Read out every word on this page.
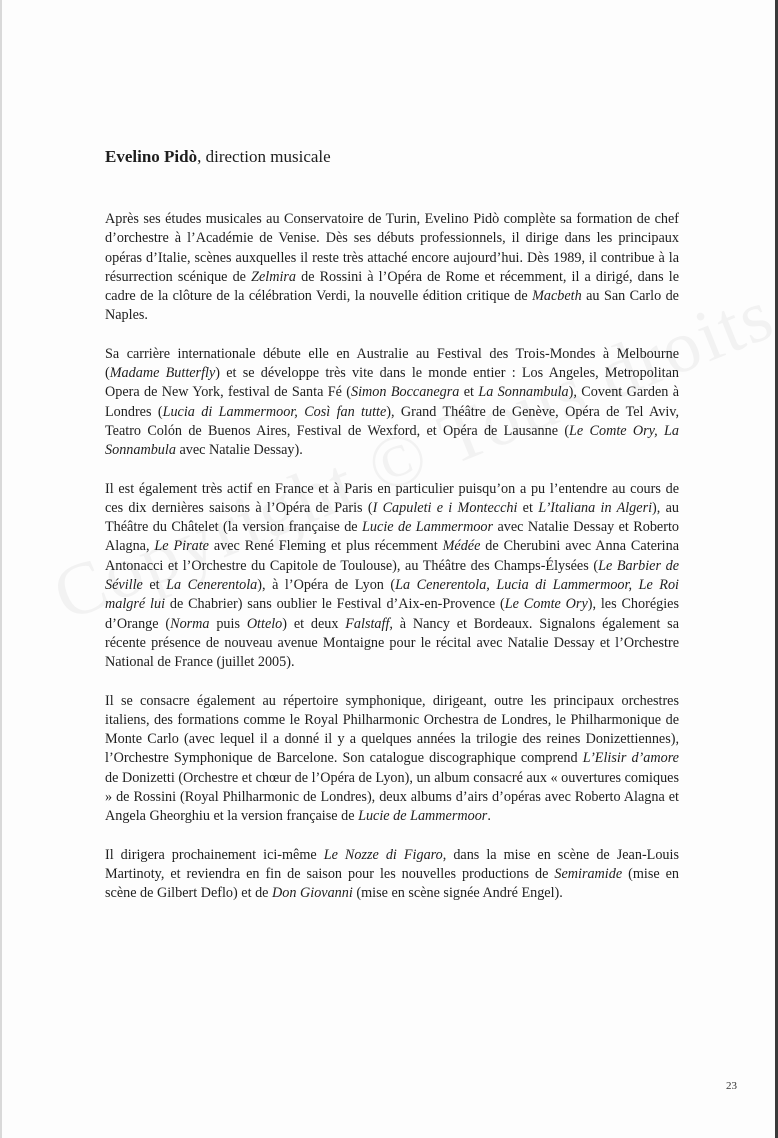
Evelino Pidò, direction musicale

Après ses études musicales au Conservatoire de Turin, Evelino Pidò complète sa formation de chef d’orchestre à l’Académie de Venise. Dès ses débuts professionnels, il dirige dans les principaux opéras d’Italie, scènes auxquelles il reste très attaché encore aujourd’hui. Dès 1989, il contribue à la résurrection scénique de Zelmira de Rossini à l’Opéra de Rome et récemment, il a dirigé, dans le cadre de la clôture de la célébration Verdi, la nouvelle édition critique de Macbeth au San Carlo de Naples.

Sa carrière internationale débute elle en Australie au Festival des Trois-Mondes à Melbourne (Madame Butterfly) et se développe très vite dans le monde entier : Los Angeles, Metropolitan Opera de New York, festival de Santa Fé (Simon Boccanegra et La Sonnambula), Covent Garden à Londres (Lucia di Lammermoor, Così fan tutte), Grand Théâtre de Genève, Opéra de Tel Aviv, Teatro Colón de Buenos Aires, Festival de Wexford, et Opéra de Lausanne (Le Comte Ory, La Sonnambula avec Natalie Dessay).

Il est également très actif en France et à Paris en particulier puisqu’on a pu l’entendre au cours de ces dix dernières saisons à l’Opéra de Paris (I Capuleti e i Montecchi et L’Italiana in Algeri), au Théâtre du Châtelet (la version française de Lucie de Lammermoor avec Natalie Dessay et Roberto Alagna, Le Pirate avec René Fleming et plus récemment Médée de Cherubini avec Anna Caterina Antonacci et l’Orchestre du Capitole de Toulouse), au Théâtre des Champs-Élysées (Le Barbier de Séville et La Cenerentola), à l’Opéra de Lyon (La Cenerentola, Lucia di Lammermoor, Le Roi malgré lui de Chabrier) sans oublier le Festival d’Aix-en-Provence (Le Comte Ory), les Chorégies d’Orange (Norma puis Ottelo) et deux Falstaff, à Nancy et Bordeaux. Signalons également sa récente présence de nouveau avenue Montaigne pour le récital avec Natalie Dessay et l’Orchestre National de France (juillet 2005).

Il se consacre également au répertoire symphonique, dirigeant, outre les principaux orchestres italiens, des formations comme le Royal Philharmonic Orchestra de Londres, le Philharmonique de Monte Carlo (avec lequel il a donné il y a quelques années la trilogie des reines Donizettiennes), l’Orchestre Symphonique de Barcelone. Son catalogue discographique comprend L’Elisir d’amore de Donizetti (Orchestre et chœur de l’Opéra de Lyon), un album consacré aux « ouvertures comiques » de Rossini (Royal Philharmonic de Londres), deux albums d’airs d’opéras avec Roberto Alagna et Angela Gheorghiu et la version française de Lucie de Lammermoor.

Il dirigera prochainement ici-même Le Nozze di Figaro, dans la mise en scène de Jean-Louis Martinoty, et reviendra en fin de saison pour les nouvelles productions de Semiramide (mise en scène de Gilbert Deflo) et de Don Giovanni (mise en scène signée André Engel).

23
